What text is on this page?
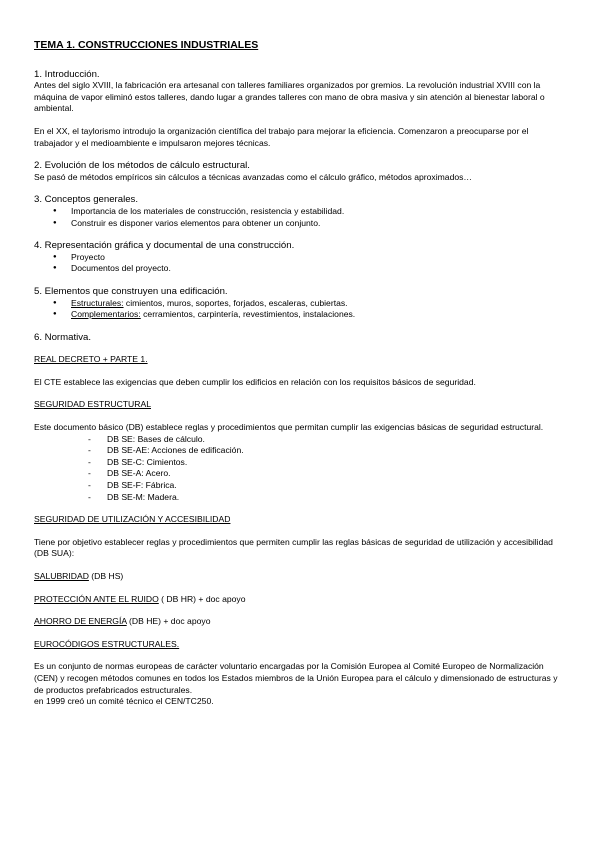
TEMA 1. CONSTRUCCIONES INDUSTRIALES
1. Introducción.

Antes del siglo XVIII, la fabricación era artesanal con talleres familiares organizados por gremios. La revolución industrial XVIII con la máquina de vapor eliminó estos talleres, dando lugar a grandes talleres con mano de obra masiva y sin atención al bienestar laboral o ambiental.

En el XX, el taylorismo introdujo la organización científica del trabajo para mejorar la eficiencia. Comenzaron a preocuparse por el trabajador y el medioambiente e impulsaron mejores técnicas.

2. Evolución de los métodos de cálculo estructural.

Se pasó de métodos empíricos sin cálculos a técnicas avanzadas como el cálculo gráfico, métodos aproximados…

3. Conceptos generales.
● Importancia de los materiales de construcción, resistencia y estabilidad.
● Construir es disponer varios elementos para obtener un conjunto.
4. Representación gráfica y documental de una construcción.
● Proyecto
● Documentos del proyecto.
5. Elementos que construyen una edificación.
● Estructurales: cimientos, muros, soportes, forjados, escaleras, cubiertas.
● Complementarios: cerramientos, carpintería, revestimientos, instalaciones.
6. Normativa.

REAL DECRETO + PARTE 1.

El CTE establece las exigencias que deben cumplir los edificios en relación con los requisitos básicos de seguridad.

SEGURIDAD ESTRUCTURAL

Este documento básico (DB) establece reglas y procedimientos que permitan cumplir las exigencias básicas de seguridad estructural.

- DB SE: Bases de cálculo.
- DB SE-AE: Acciones de edificación.
- DB SE-C: Cimientos.
- DB SE-A: Acero.
- DB SE-F: Fábrica.
- DB SE-M: Madera.

SEGURIDAD DE UTILIZACIÓN Y ACCESIBILIDAD

Tiene por objetivo establecer reglas y procedimientos que permiten cumplir las reglas básicas de seguridad de utilización y accesibilidad (DB SUA):

SALUBRIDAD (DB HS)

PROTECCIÓN ANTE EL RUIDO ( DB HR) + doc apoyo

AHORRO DE ENERGÍA (DB HE) + doc apoyo

EUROCÓDIGOS ESTRUCTURALES.

Es un conjunto de normas europeas de carácter voluntario encargadas por la Comisión Europea al Comité Europeo de Normalización (CEN) y recogen métodos comunes en todos los Estados miembros de la Unión Europea para el cálculo y dimensionado de estructuras y de productos prefabricados estructurales.

en 1999 creó un comité técnico el CEN/TC250.
